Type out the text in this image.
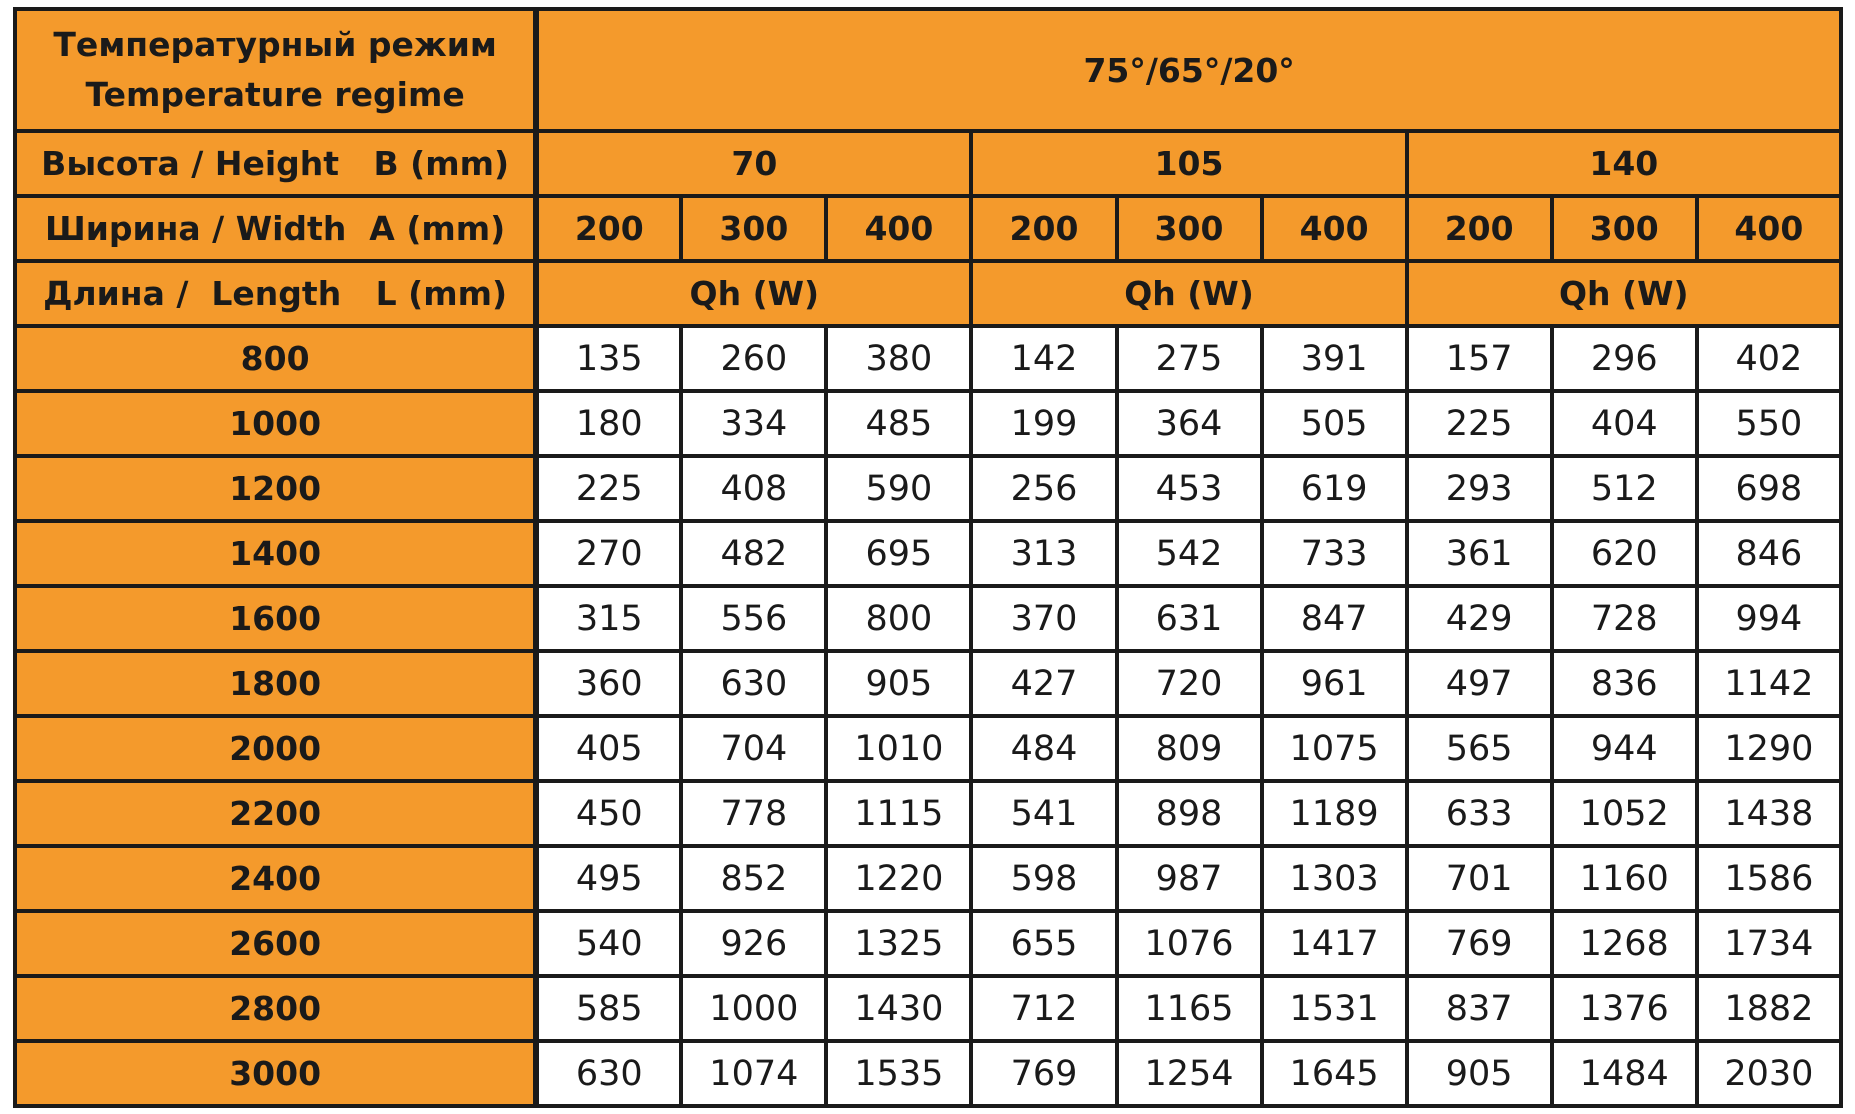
Температурный режим
Temperature regime	75°/65°/20°								
Высота / Height   B (mm)	70			105			140		
Ширина / Width  A (mm)	200	300	400	200	300	400	200	300	400
Длина /  Length   L (mm)	Qh (W)			Qh (W)			Qh (W)		
800	135	260	380	142	275	391	157	296	402
1000	180	334	485	199	364	505	225	404	550
1200	225	408	590	256	453	619	293	512	698
1400	270	482	695	313	542	733	361	620	846
1600	315	556	800	370	631	847	429	728	994
1800	360	630	905	427	720	961	497	836	1142
2000	405	704	1010	484	809	1075	565	944	1290
2200	450	778	1115	541	898	1189	633	1052	1438
2400	495	852	1220	598	987	1303	701	1160	1586
2600	540	926	1325	655	1076	1417	769	1268	1734
2800	585	1000	1430	712	1165	1531	837	1376	1882
3000	630	1074	1535	769	1254	1645	905	1484	2030
